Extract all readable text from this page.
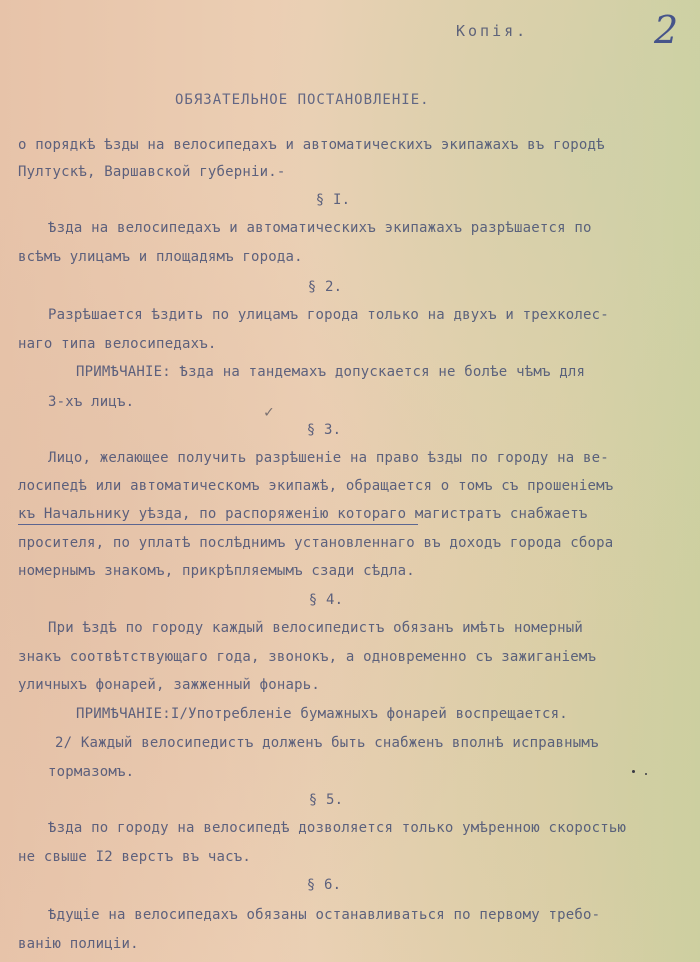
Копія.	2
ОБЯЗАТЕЛЬНОЕ ПОСТАНОВЛЕНІЕ.
о порядкѣ ѣзды на велосипедахъ и автоматическихъ экипажахъ въ городѣ
Пултускѣ, Варшавской губерніи.-
§ I.
Ѣзда на велосипедахъ и автоматическихъ экипажахъ разрѣшается по
всѣмъ улицамъ и площадямъ города.
§ 2.
Разрѣшается ѣздить по улицамъ города только на двухъ и трехколес-
наго типа велосипедахъ.
ПРИМѢЧАНІЕ: Ѣзда на тандемахъ допускается не болѣе чѣмъ для
3-хъ лицъ.	✓
§ 3.
Лицо, желающее получить разрѣшеніе на право ѣзды по городу на ве-
лосипедѣ или автоматическомъ экипажѣ, обращается о томъ съ прошеніемъ
къ Начальнику уѣзда, по распоряженію котораго магистратъ снабжаетъ
просителя, по уплатѣ послѣднимъ установленнаго въ доходъ города сбора
номернымъ знакомъ, прикрѣпляемымъ сзади сѣдла.
§ 4.
При ѣздѣ по городу каждый велосипедистъ обязанъ имѣть номерный
знакъ соотвѣтствующаго года, звонокъ, а одновременно съ зажиганіемъ
уличныхъ фонарей, зажженный фонарь.
ПРИМѢЧАНІЕ:I/Употребленіе бумажныхъ фонарей воспрещается.
2/ Каждый велосипедистъ долженъ быть снабженъ вполнѣ исправнымъ
тормазомъ.
§ 5.
Ѣзда по городу на велосипедѣ дозволяется только умѣренною скоростью
не свыше I2 верстъ въ часъ.
§ 6.
Ѣдущіе на велосипедахъ обязаны останавливаться по первому требо-
ванію полиціи.
